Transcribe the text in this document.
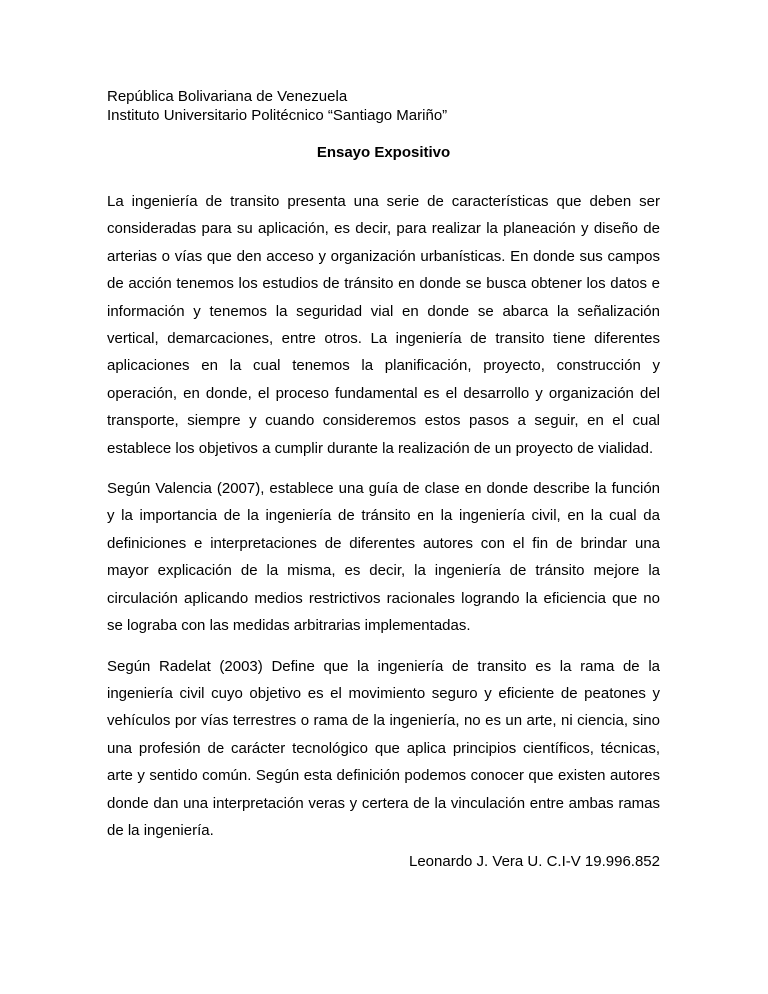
República Bolivariana de Venezuela

Instituto Universitario Politécnico “Santiago Mariño”

Ensayo Expositivo

La ingeniería de transito presenta una serie de características que deben ser consideradas para su aplicación, es decir, para realizar la planeación y diseño de arterias o vías que den acceso y organización urbanísticas. En donde sus campos de acción tenemos los estudios de tránsito en donde se busca obtener los datos e información y tenemos la seguridad vial en donde se abarca la señalización vertical, demarcaciones, entre otros. La ingeniería de transito tiene diferentes aplicaciones en la cual tenemos la planificación, proyecto, construcción y operación, en donde, el proceso fundamental es el desarrollo y organización del transporte, siempre y cuando consideremos estos pasos a seguir, en el cual establece los objetivos a cumplir durante la realización de un proyecto de vialidad.

Según Valencia (2007), establece una guía de clase en donde describe la función y la importancia de la ingeniería de tránsito en la ingeniería civil, en la cual da definiciones e interpretaciones de diferentes autores con el fin de brindar una mayor explicación de la misma, es decir, la ingeniería de tránsito mejore la circulación aplicando medios restrictivos racionales logrando la eficiencia que no se lograba con las medidas arbitrarias implementadas.

Según Radelat (2003) Define que la ingeniería de transito es la rama de la ingeniería civil cuyo objetivo es el movimiento seguro y eficiente de peatones y vehículos por vías terrestres o rama de la ingeniería, no es un arte, ni ciencia, sino una profesión de carácter tecnológico que aplica principios científicos, técnicas, arte y sentido común. Según esta definición podemos conocer que existen autores donde dan una interpretación veras y certera de la vinculación entre ambas ramas de la ingeniería.

Leonardo J. Vera U. C.I-V 19.996.852
